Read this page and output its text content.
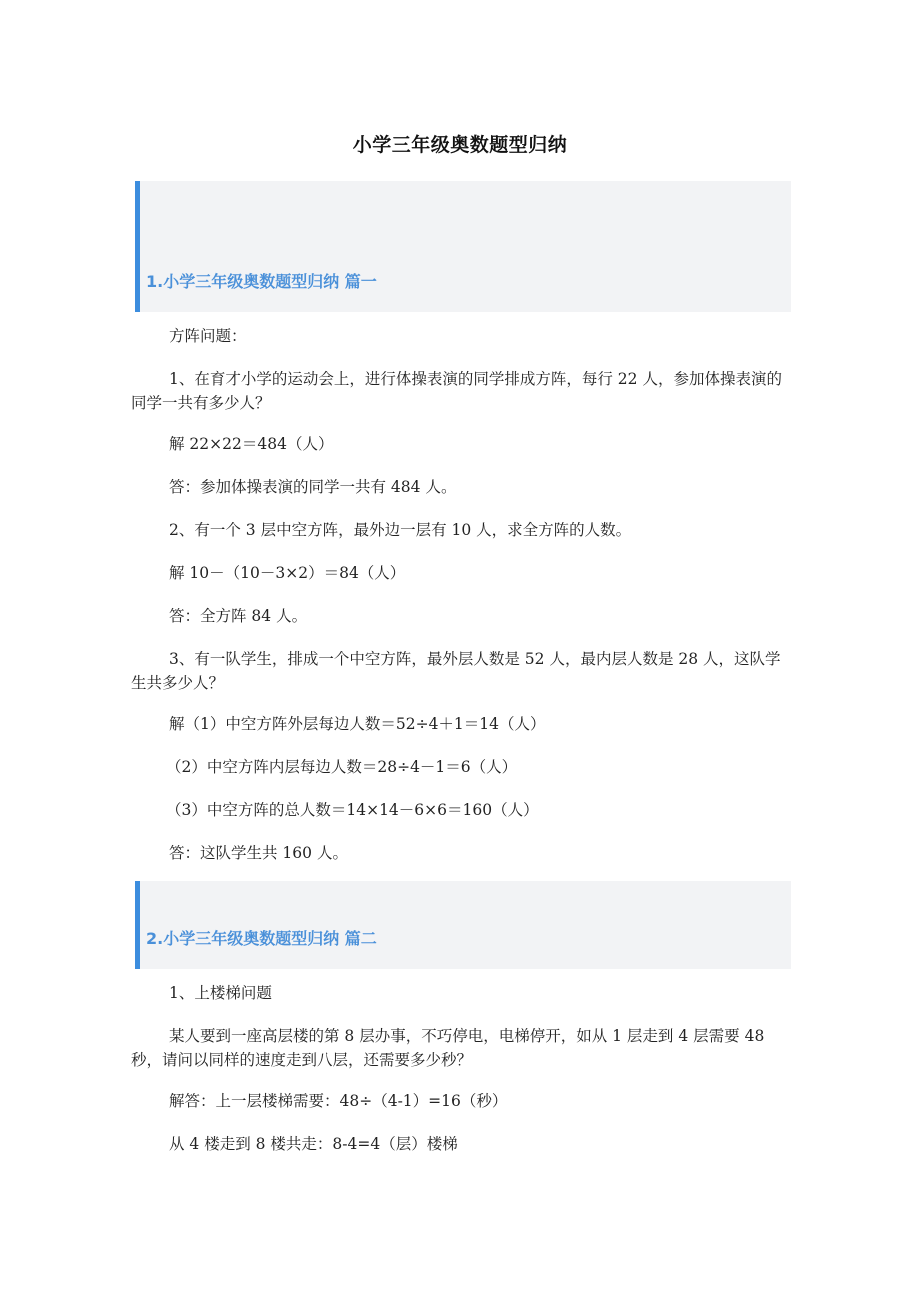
小学三年级奥数题型归纳
1.小学三年级奥数题型归纳 篇一

方阵问题：

1、在育才小学的运动会上，进行体操表演的同学排成方阵，每行 22 人，参加体操表演的同学一共有多少人？

解 22×22＝484（人）

答：参加体操表演的同学一共有 484 人。

2、有一个 3 层中空方阵，最外边一层有 10 人，求全方阵的人数。

解 10－（10－3×2）＝84（人）

答：全方阵 84 人。

3、有一队学生，排成一个中空方阵，最外层人数是 52 人，最内层人数是 28 人，这队学生共多少人？

解（1）中空方阵外层每边人数＝52÷4＋1＝14（人）

（2）中空方阵内层每边人数＝28÷4－1＝6（人）

（3）中空方阵的总人数＝14×14－6×6＝160（人）

答：这队学生共 160 人。

2.小学三年级奥数题型归纳 篇二

1、上楼梯问题

某人要到一座高层楼的第 8 层办事，不巧停电，电梯停开，如从 1 层走到 4 层需要 48 秒，请问以同样的速度走到八层，还需要多少秒？

解答：上一层楼梯需要：48÷（4-1）=16（秒）

从 4 楼走到 8 楼共走：8-4=4（层）楼梯
